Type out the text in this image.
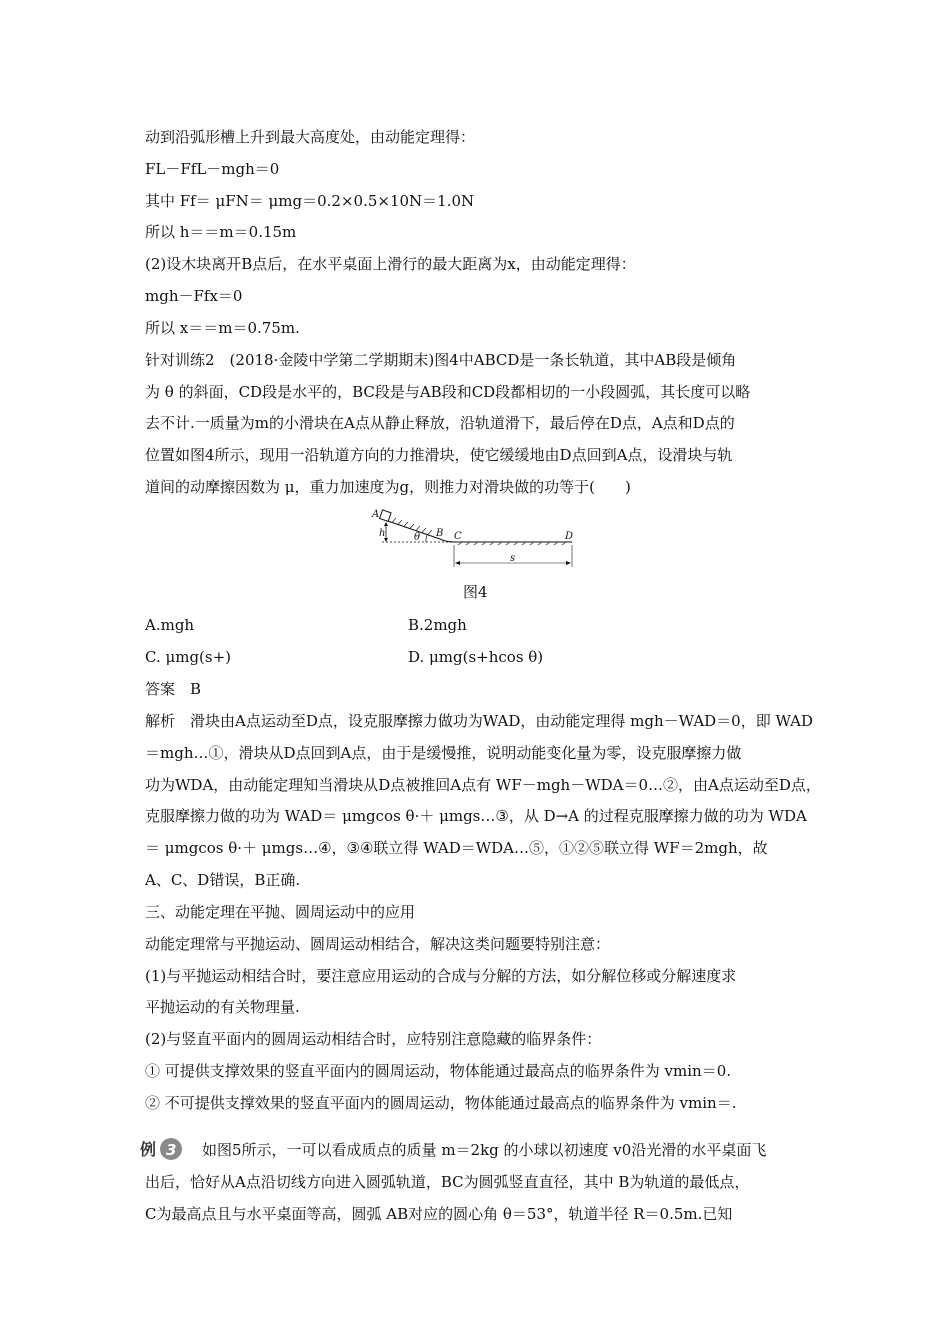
动到沿弧形槽上升到最大高度处，由动能定理得：
FL－FfL－mgh＝0
其中 Ff＝ μFN＝ μmg＝0.2×0.5×10N＝1.0N
所以 h＝＝m＝0.15m
(2)设木块离开B点后，在水平桌面上滑行的最大距离为x，由动能定理得：
mgh－Ffx＝0
所以 x＝＝m＝0.75m.
针对训练2　(2018·金陵中学第二学期期末)图4中ABCD是一条长轨道，其中AB段是倾角
为 θ 的斜面，CD段是水平的，BC段是与AB段和CD段都相切的一小段圆弧，其长度可以略
去不计.一质量为m的小滑块在A点从静止释放，沿轨道滑下，最后停在D点，A点和D点的
位置如图4所示，现用一沿轨道方向的力推滑块，使它缓缓地由D点回到A点，设滑块与轨
道间的动摩擦因数为 μ，重力加速度为g，则推力对滑块做的功等于(　　)
A
h	θ B C	D
s
图4
A.mgh	B.2mgh
C. μmg(s+)	D. μmg(s+hcos θ)
答案　B
解析　滑块由A点运动至D点，设克服摩擦力做功为WAD，由动能定理得 mgh－WAD＝0，即 WAD
＝mgh…①，滑块从D点回到A点，由于是缓慢推，说明动能变化量为零，设克服摩擦力做
功为WDA，由动能定理知当滑块从D点被推回A点有 WF－mgh－WDA＝0…②，由A点运动至D点，
克服摩擦力做的功为 WAD＝ μmgcos θ·＋ μmgs…③，从 D→A 的过程克服摩擦力做的功为 WDA
＝ μmgcos θ·＋ μmgs…④，③④联立得 WAD＝WDA…⑤，①②⑤联立得 WF＝2mgh，故
A、C、D错误，B正确.
三、动能定理在平抛、圆周运动中的应用
动能定理常与平抛运动、圆周运动相结合，解决这类问题要特别注意：
(1)与平抛运动相结合时，要注意应用运动的合成与分解的方法，如分解位移或分解速度求
平抛运动的有关物理量.
(2)与竖直平面内的圆周运动相结合时，应特别注意隐藏的临界条件：
① 可提供支撑效果的竖直平面内的圆周运动，物体能通过最高点的临界条件为 vmin＝0.
② 不可提供支撑效果的竖直平面内的圆周运动，物体能通过最高点的临界条件为 vmin＝.
例 3 如图5所示，一可以看成质点的质量 m＝2kg 的小球以初速度 v0沿光滑的水平桌面飞
出后，恰好从A点沿切线方向进入圆弧轨道，BC为圆弧竖直直径，其中 B为轨道的最低点，
C为最高点且与水平桌面等高，圆弧 AB对应的圆心角 θ＝53°，轨道半径 R＝0.5m.已知
